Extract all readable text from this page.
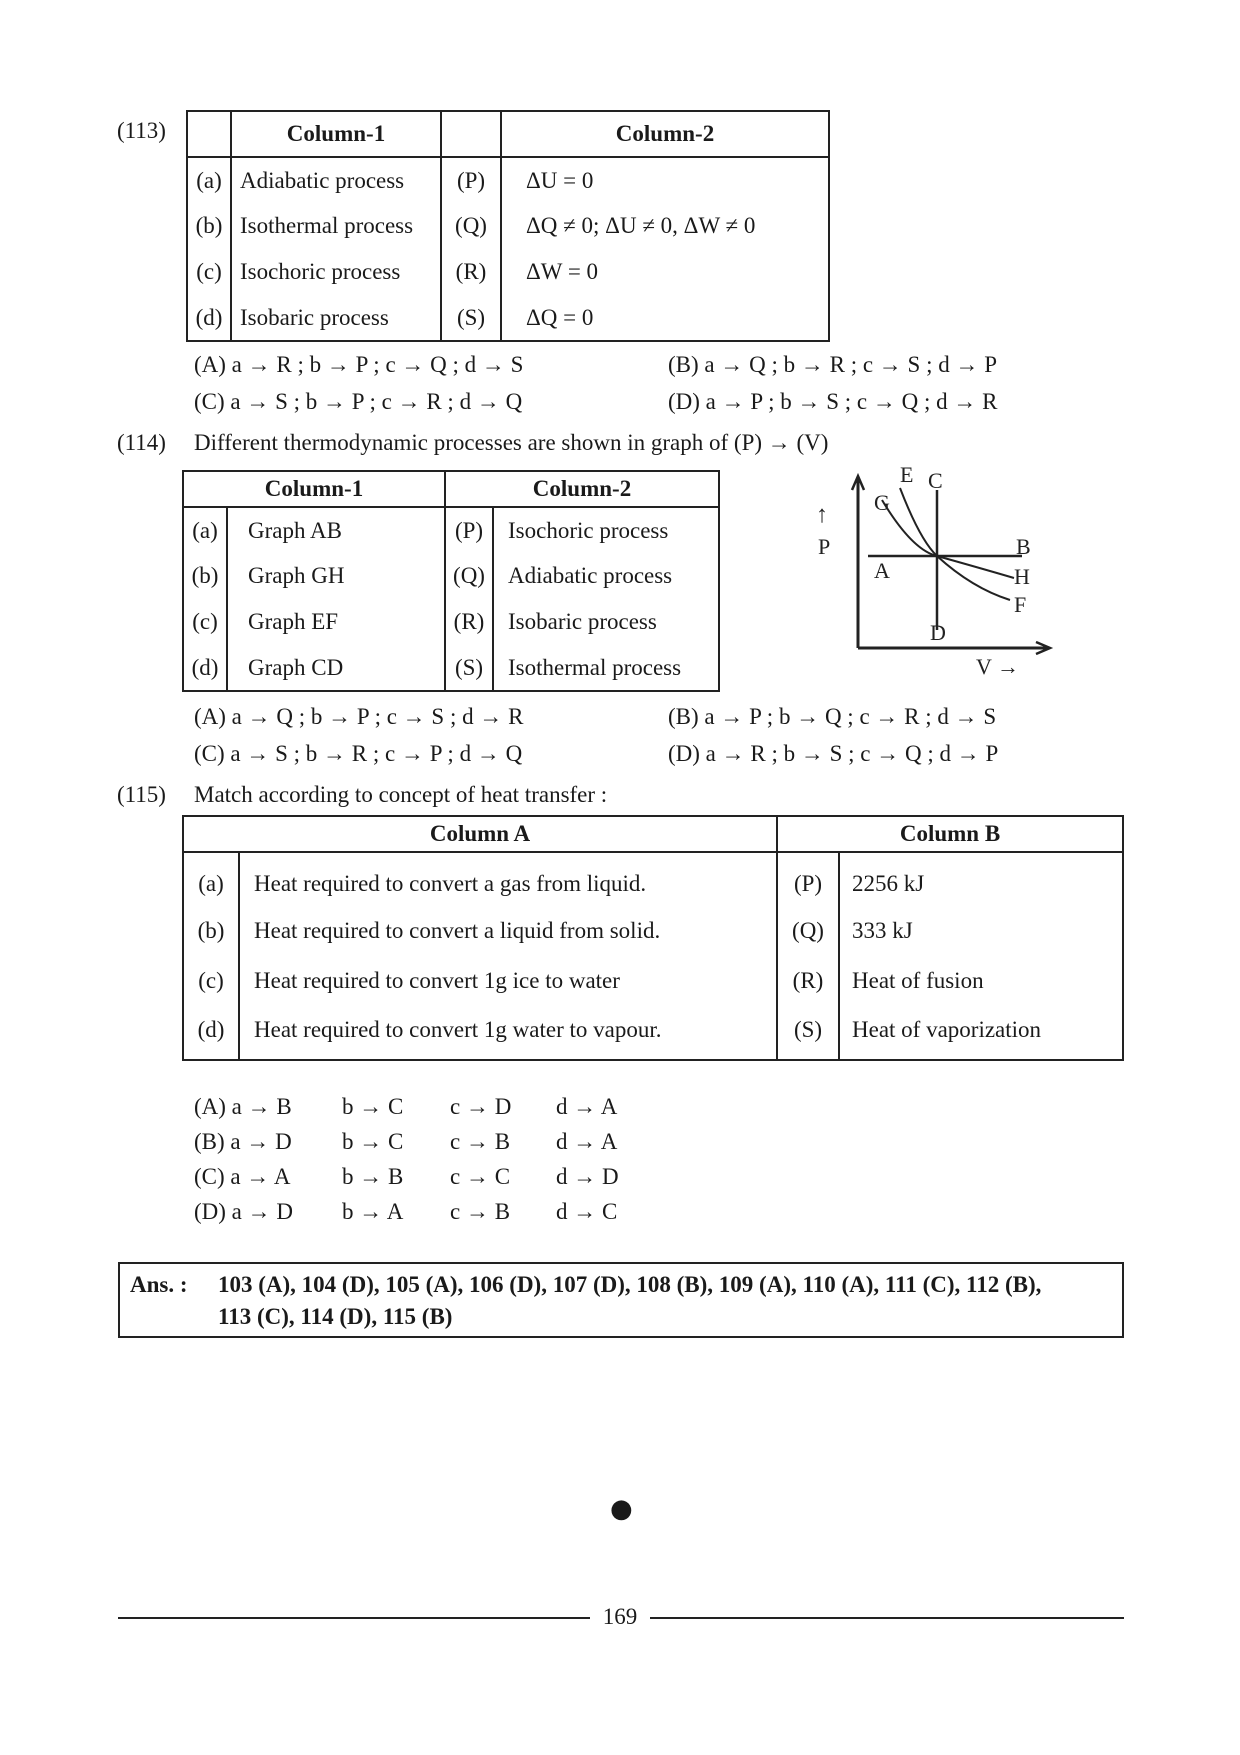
(113)
		Column-1		Column-2
(a)	Adiabatic process	(P)	ΔU = 0
(b)	Isothermal process	(Q)	ΔQ ≠ 0; ΔU ≠ 0, ΔW ≠ 0
(c)	Isochoric process	(R)	ΔW = 0
(d)	Isobaric process	(S)	ΔQ = 0
(A) a → R ; b → P ; c → Q ; d → S	(B) a → Q ; b → R ; c → S ; d → P
(C) a → S ; b → P ; c → R ; d → Q	(D) a → P ; b → S ; c → Q ; d → R
(114) Different thermodynamic processes are shown in graph of (P) → (V)
Column-1		Column-2	
(a)	Graph AB	(P)	Isochoric process
(b)	Graph GH	(Q)	Adiabatic process
(c)	Graph EF	(R)	Isobaric process
(d)	Graph CD	(S)	Isothermal process
E C
G
A
B
H
F
D
↑
P
V →
(A) a → Q ; b → P ; c → S ; d → R	(B) a → P ; b → Q ; c → R ; d → S
(C) a → S ; b → R ; c → P ; d → Q	(D) a → R ; b → S ; c → Q ; d → P
(115) Match according to concept of heat transfer :
Column A		Column B	
(a)	Heat required to convert a gas from liquid.	(P)	2256 kJ
(b)	Heat required to convert a liquid from solid.	(Q)	333 kJ
(c)	Heat required to convert 1g ice to water	(R)	Heat of fusion
(d)	Heat required to convert 1g water to vapour.	(S)	Heat of vaporization
(A) a → B b → C c → D d → A
(B) a → D b → C c → B d → A
(C) a → A b → B c → C d → D
(D) a → D b → A c → B d → C
Ans. : 103 (A), 104 (D), 105 (A), 106 (D), 107 (D), 108 (B), 109 (A), 110 (A), 111 (C), 112 (B),
113 (C), 114 (D), 115 (B)
●
169
